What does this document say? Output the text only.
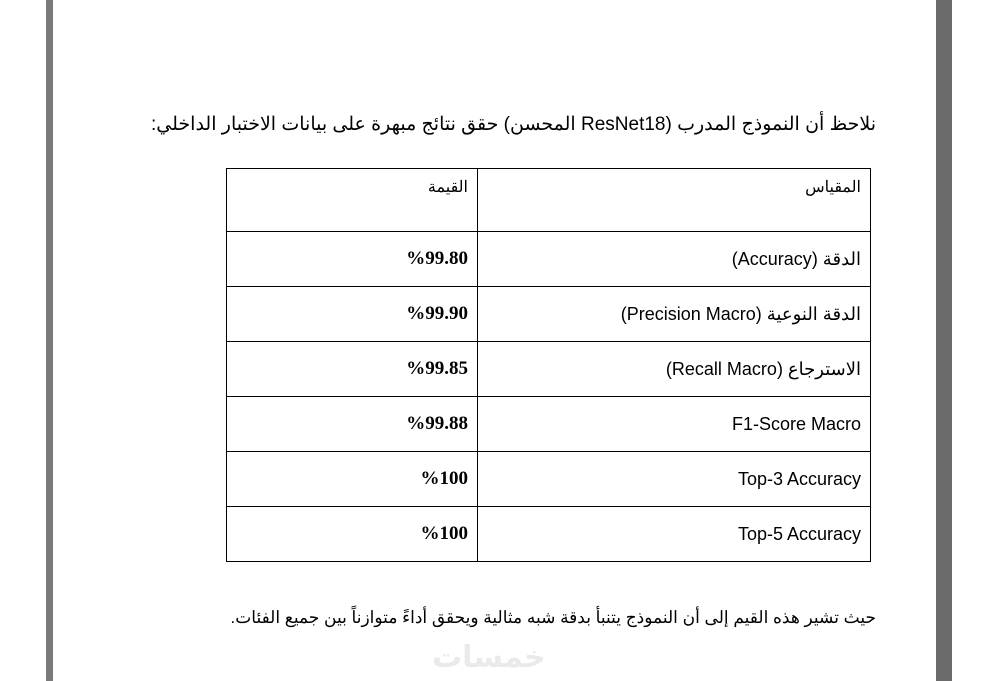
نلاحظ أن النموذج المدرب (ResNet18 المحسن) حقق نتائج مبهرة على بيانات الاختبار الداخلي:
المقياس	القيمة
الدقة (Accuracy)	%99.80
الدقة النوعية (Precision Macro)	%99.90
الاسترجاع (Recall Macro)	%99.85
F1-Score Macro	%99.88
Top-3 Accuracy	%100
Top-5 Accuracy	%100
حيث تشير هذه القيم إلى أن النموذج يتنبأ بدقة شبه مثالية ويحقق أداءً متوازناً بين جميع الفئات.
خمسات
